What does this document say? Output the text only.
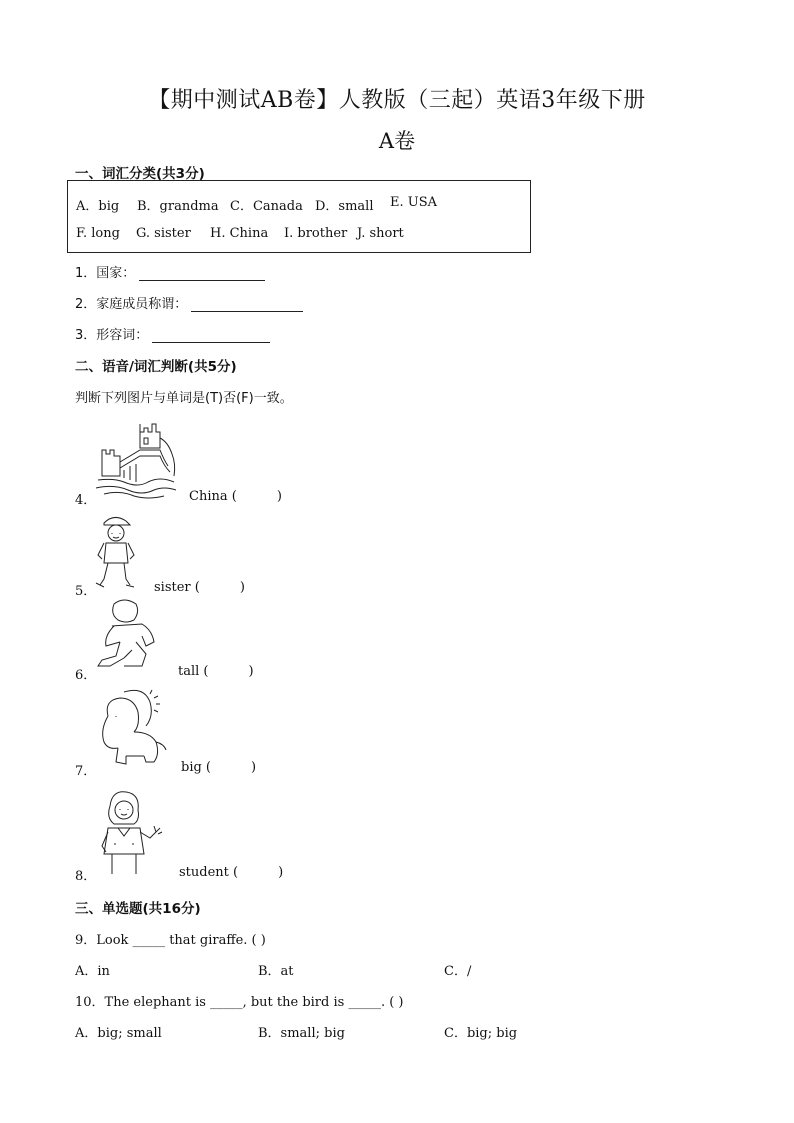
【期中测试AB卷】人教版（三起）英语3年级下册
A卷
一、词汇分类(共3分)
A．big B．grandma C．Canada D．small E. USA
F. long G. sister H. China I. brother J. short
1．国家：
2．家庭成员称谓：
3．形容词：
二、语音/词汇判断(共5分)
判断下列图片与单词是(T)否(F)一致。
4．	China (	)
5．	sister (	)
6．	tall (	)
7．	big (	)
8．	student (	)
三、单选题(共16分)
9．Look _____ that giraffe. ( )
A．in	B．at	C．/
10．The elephant is _____, but the bird is _____. ( )
A．big; small	B．small; big	C．big; big
